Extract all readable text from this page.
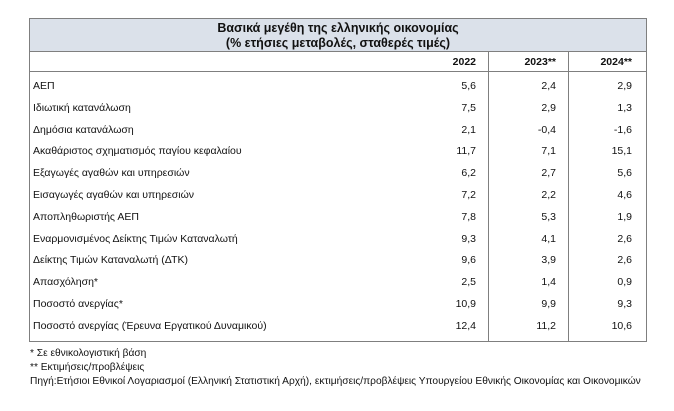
Βασικά μεγέθη της ελληνικής οικονομίας
(% ετήσιες μεταβολές, σταθερές τιμές)
2022	2023**	2024**
ΑΕΠ	5,6	2,4	2,9
Ιδιωτική κατανάλωση	7,5	2,9	1,3
Δημόσια κατανάλωση	2,1	-0,4	-1,6
Ακαθάριστος σχηματισμός παγίου κεφαλαίου	11,7	7,1	15,1
Εξαγωγές αγαθών και υπηρεσιών	6,2	2,7	5,6
Εισαγωγές αγαθών και υπηρεσιών	7,2	2,2	4,6
Αποπληθωριστής ΑΕΠ	7,8	5,3	1,9
Εναρμονισμένος Δείκτης Τιμών Καταναλωτή	9,3	4,1	2,6
Δείκτης Τιμών Καταναλωτή (ΔΤΚ)	9,6	3,9	2,6
Απασχόληση*	2,5	1,4	0,9
Ποσοστό ανεργίας*	10,9	9,9	9,3
Ποσοστό ανεργίας (Έρευνα Εργατικού Δυναμικού)	12,4	11,2	10,6
* Σε εθνικολογιστική βάση
** Εκτιμήσεις/προβλέψεις
Πηγή:Ετήσιοι Εθνικοί Λογαριασμοί (Ελληνική Στατιστική Αρχή), εκτιμήσεις/προβλέψεις Υπουργείου Εθνικής Οικονομίας και Οικονομικών
